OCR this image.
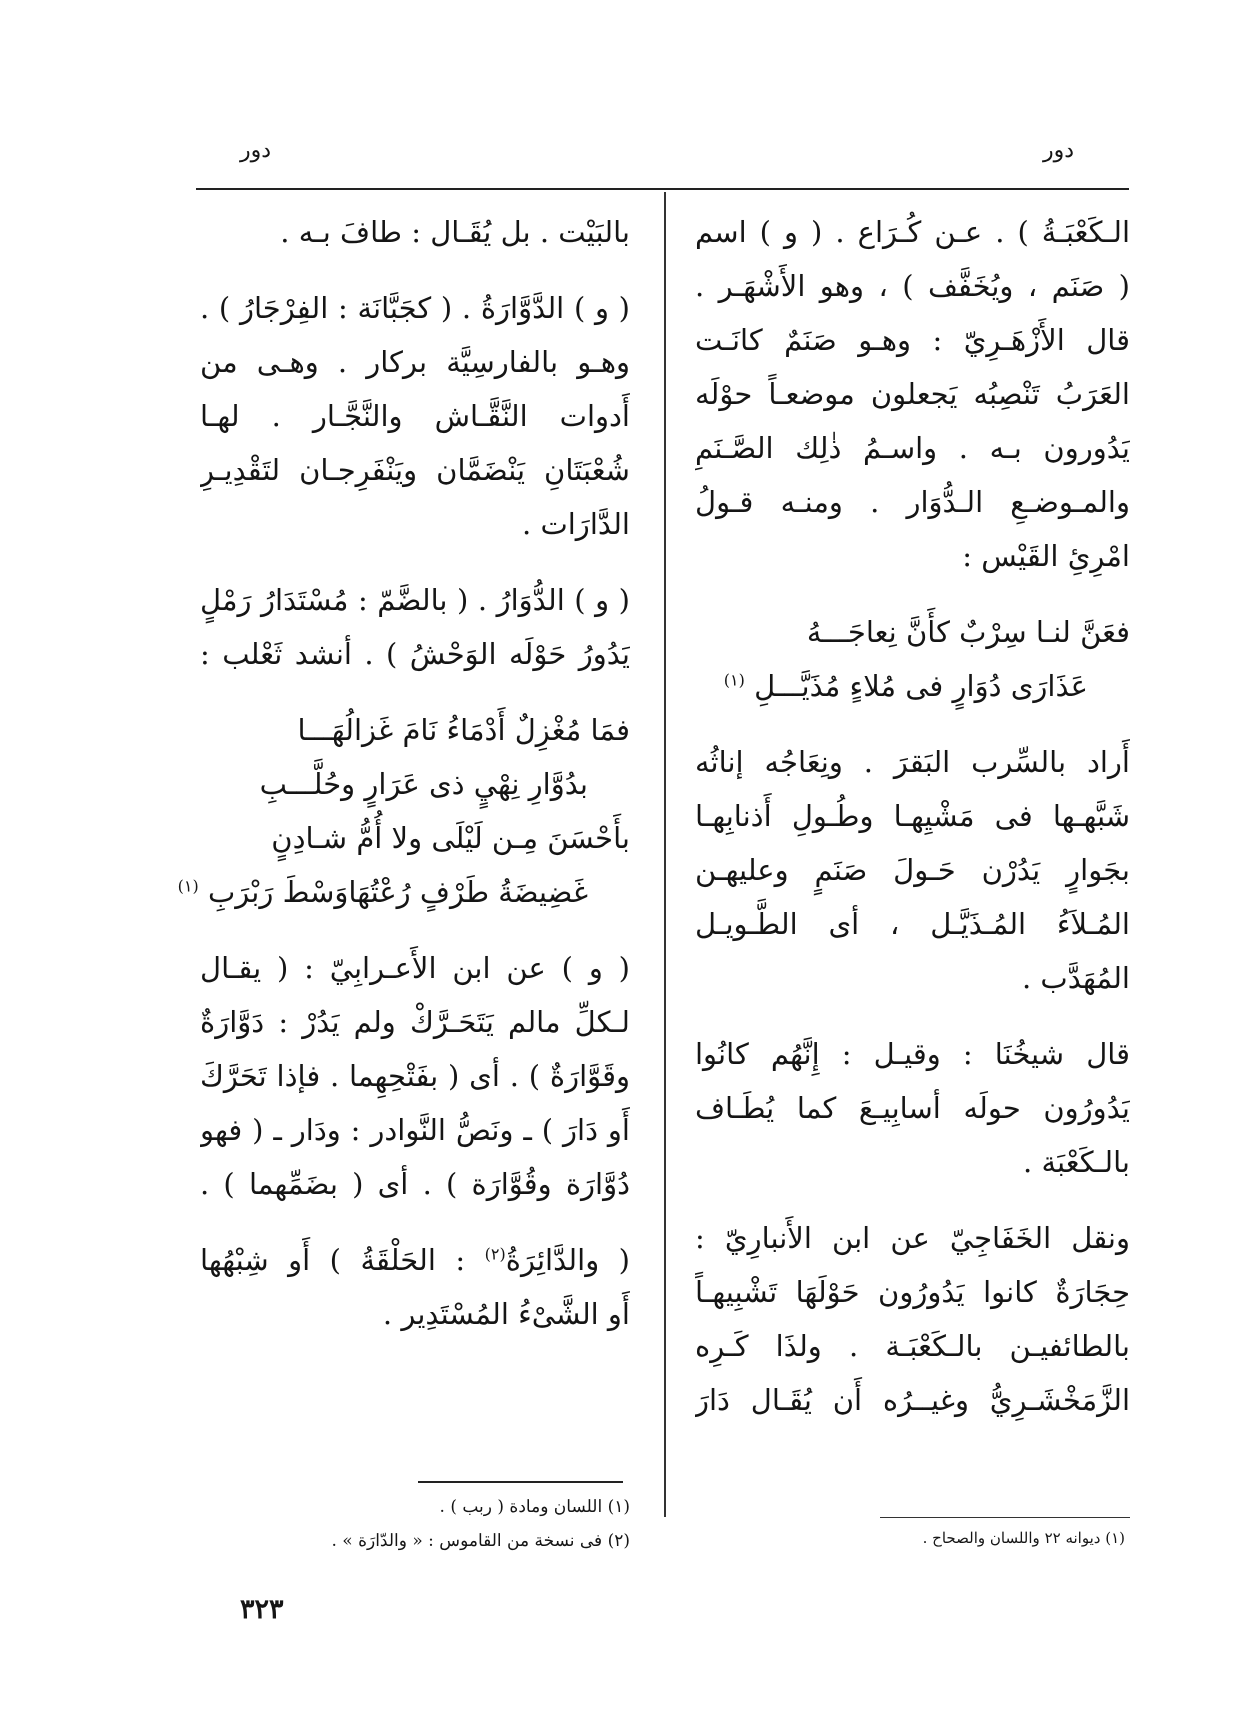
دور	دور
الـكَعْبَـةُ ) . عـن كُـرَاع . ( و ) اسم
( صَنَم ، ويُخَفَّف ) ، وهو الأَشْهَـر .
قال الأَزْهَـرِيّ : وهـو صَنَمٌ كانَـت
العَرَبُ تَنْصِبُه يَجعلون موضعـاً حوْلَه
يَدُورون بـه . واسـمُ ذٰلِك الصَّـنَمِ
والمـوضـعِ الـدُّوَار . ومنـه قـولُ
امْرِئِ القَيْس :
فعَنَّ لنـا سِرْبٌ كأَنَّ نِعاجَـــهُ
عَذَارَى دُوَارٍ فى مُلاءٍ مُذَيَّـــلِ $^{(١)}$
أَراد بالسِّرب البَقرَ . ونِعَاجُه إناثُه
شَبَّهـها فى مَشْيِهـا وطُـولِ أَذنابِهـا
بجَوارٍ يَدُرْن حَـولَ صَنَمٍ وعليهـن
المُـلاَءُ المُـذَيَّـل ، أى الطَّـويـل
المُهَدَّب .
قال شيخُنَا : وقيـل : إِنَّهُم كانُوا
يَدُورُون حولَه أسابِيـعَ كما يُطَـاف
بالـكَعْبَة .
ونقل الخَفَاجِيّ عن ابن الأَنبارِيّ :
حِجَارَةٌ كانوا يَدُورُون حَوْلَهَا تَشْبِيهـاً
بالطائفيـن بالـكَعْبَـة . ولذَا كَـرِه
الزَّمَخْشَـرِيُّ وغيــرُه أَن يُقَـال دَارَ
بالبَيْت . بل يُقَـال : طافَ بـه .
( و ) الدَّوَّارَةُ . ( كجَبَّانَة : الفِرْجَارُ ) .
وهـو بالفارسِيَّة بركار . وهـى من
أَدوات النَّقَّـاش والنَّجَّـار . لهـا
شُعْبَتَانِ يَنْضَمَّان ويَنْفَرِجـان لتَقْدِيـرِ
الدَّارَات .
( و ) الدُّوَارُ . ( بالضَّمّ : مُسْتَدَارُ رَمْلٍ
يَدُورُ حَوْلَه الوَحْشُ ) . أنشد ثَعْلب :
فمَا مُغْزِلٌ أَدْمَاءُ نَامَ غَزالُهَـــا
بدُوَّارِ نِهْيٍ ذى عَرَارٍ وحُلَّـــبِ
بأَحْسَنَ مِـن لَيْلَى ولا أُمُّ شـادِنٍ
غَضِيضَةُ طَرْفٍ رُعْتُهَاوَسْطَ رَبْرَبِ $^{(١)}$
( و ) عن ابن الأَعـرابِيّ : ( يقـال
لـكلِّ مالم يَتَحَـرَّكْ ولم يَدُرْ : دَوَّارَةٌ
وقَوَّارَةٌ ) . أى ( بفَتْحِهِما . فإذا تَحَرَّكَ
أَو دَارَ ) ـ ونَصُّ النَّوادر : ودَار ـ ( فهو
دُوَّارَة وقُوَّارَة ) . أى ( بضَمِّهما ) .
( والدَّائِرَةُ$^{(٢)}$ : الحَلْقَةُ ) أَو شِبْهُها
أَو الشَّىْءُ المُسْتَدِير .
(١) اللسان ومادة ( ربب ) .
(٢) فى نسخة من القاموس : « والدّارَة » .	(١) ديوانه ٢٢ واللسان والصحاح .
٣٢٣
